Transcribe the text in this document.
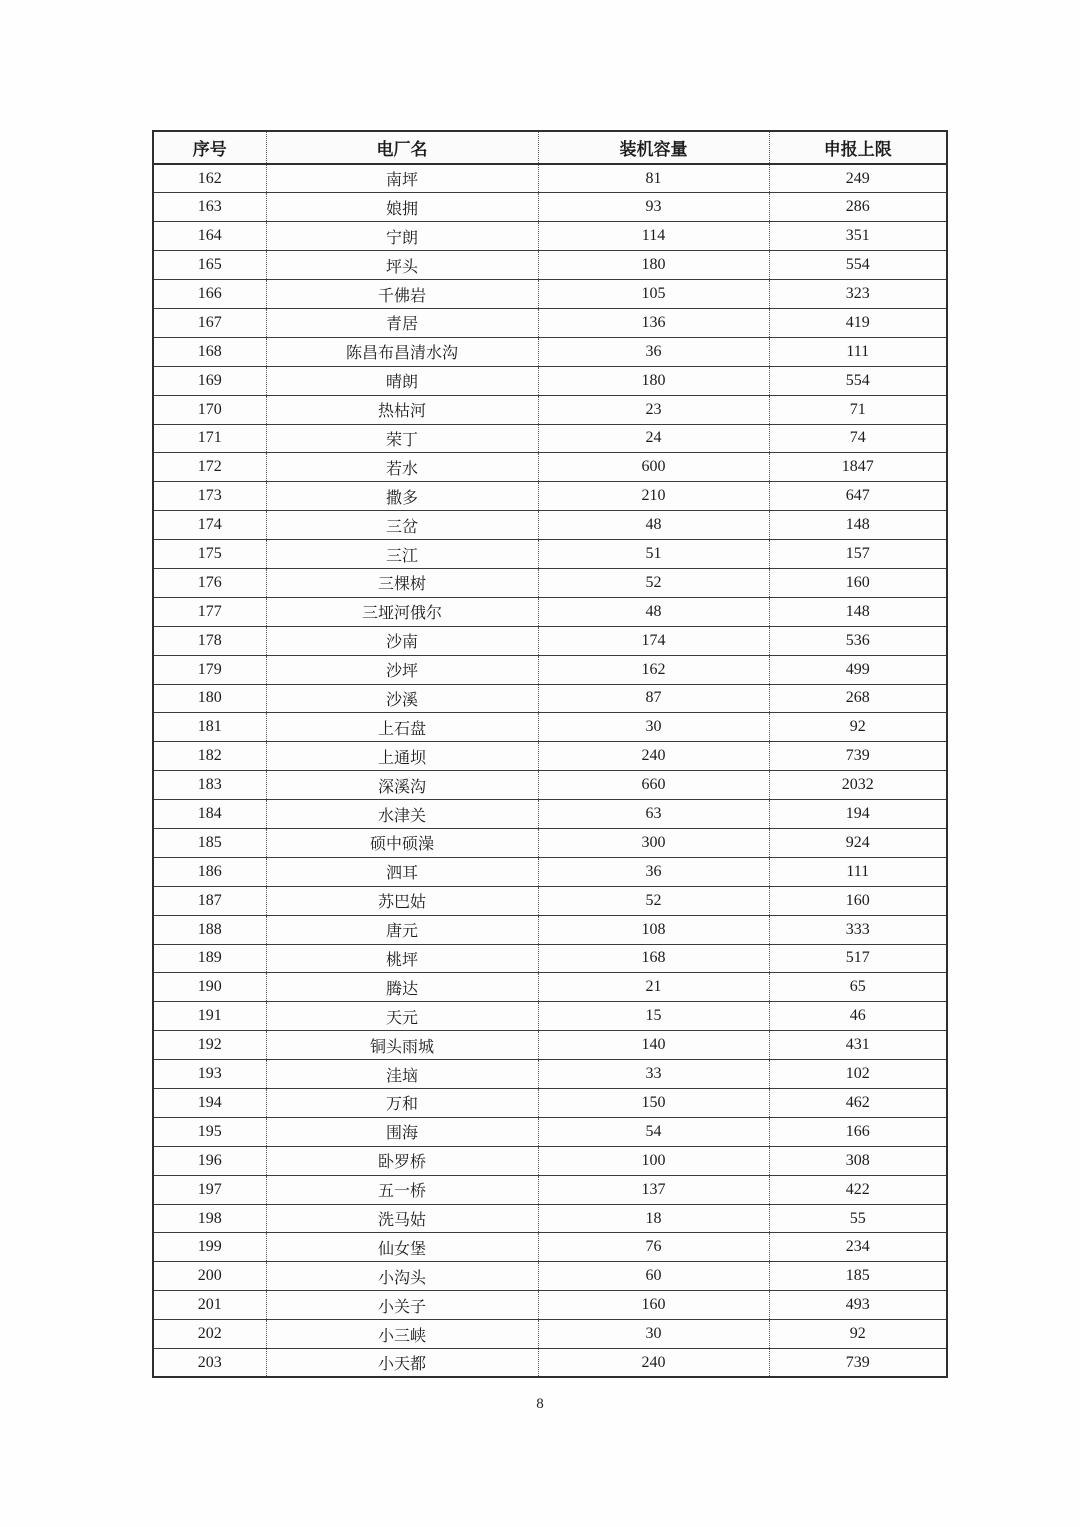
序号	电厂名	装机容量	申报上限
162	南坪	81	249
163	娘拥	93	286
164	宁朗	114	351
165	坪头	180	554
166	千佛岩	105	323
167	青居	136	419
168	陈昌布昌清水沟	36	111
169	晴朗	180	554
170	热枯河	23	71
171	荣丁	24	74
172	若水	600	1847
173	撒多	210	647
174	三岔	48	148
175	三江	51	157
176	三棵树	52	160
177	三垭河俄尔	48	148
178	沙南	174	536
179	沙坪	162	499
180	沙溪	87	268
181	上石盘	30	92
182	上通坝	240	739
183	深溪沟	660	2032
184	水津关	63	194
185	硕中硕澡	300	924
186	泗耳	36	111
187	苏巴姑	52	160
188	唐元	108	333
189	桃坪	168	517
190	腾达	21	65
191	天元	15	46
192	铜头雨城	140	431
193	洼垴	33	102
194	万和	150	462
195	围海	54	166
196	卧罗桥	100	308
197	五一桥	137	422
198	洗马姑	18	55
199	仙女堡	76	234
200	小沟头	60	185
201	小关子	160	493
202	小三峡	30	92
203	小天都	240	739
8
